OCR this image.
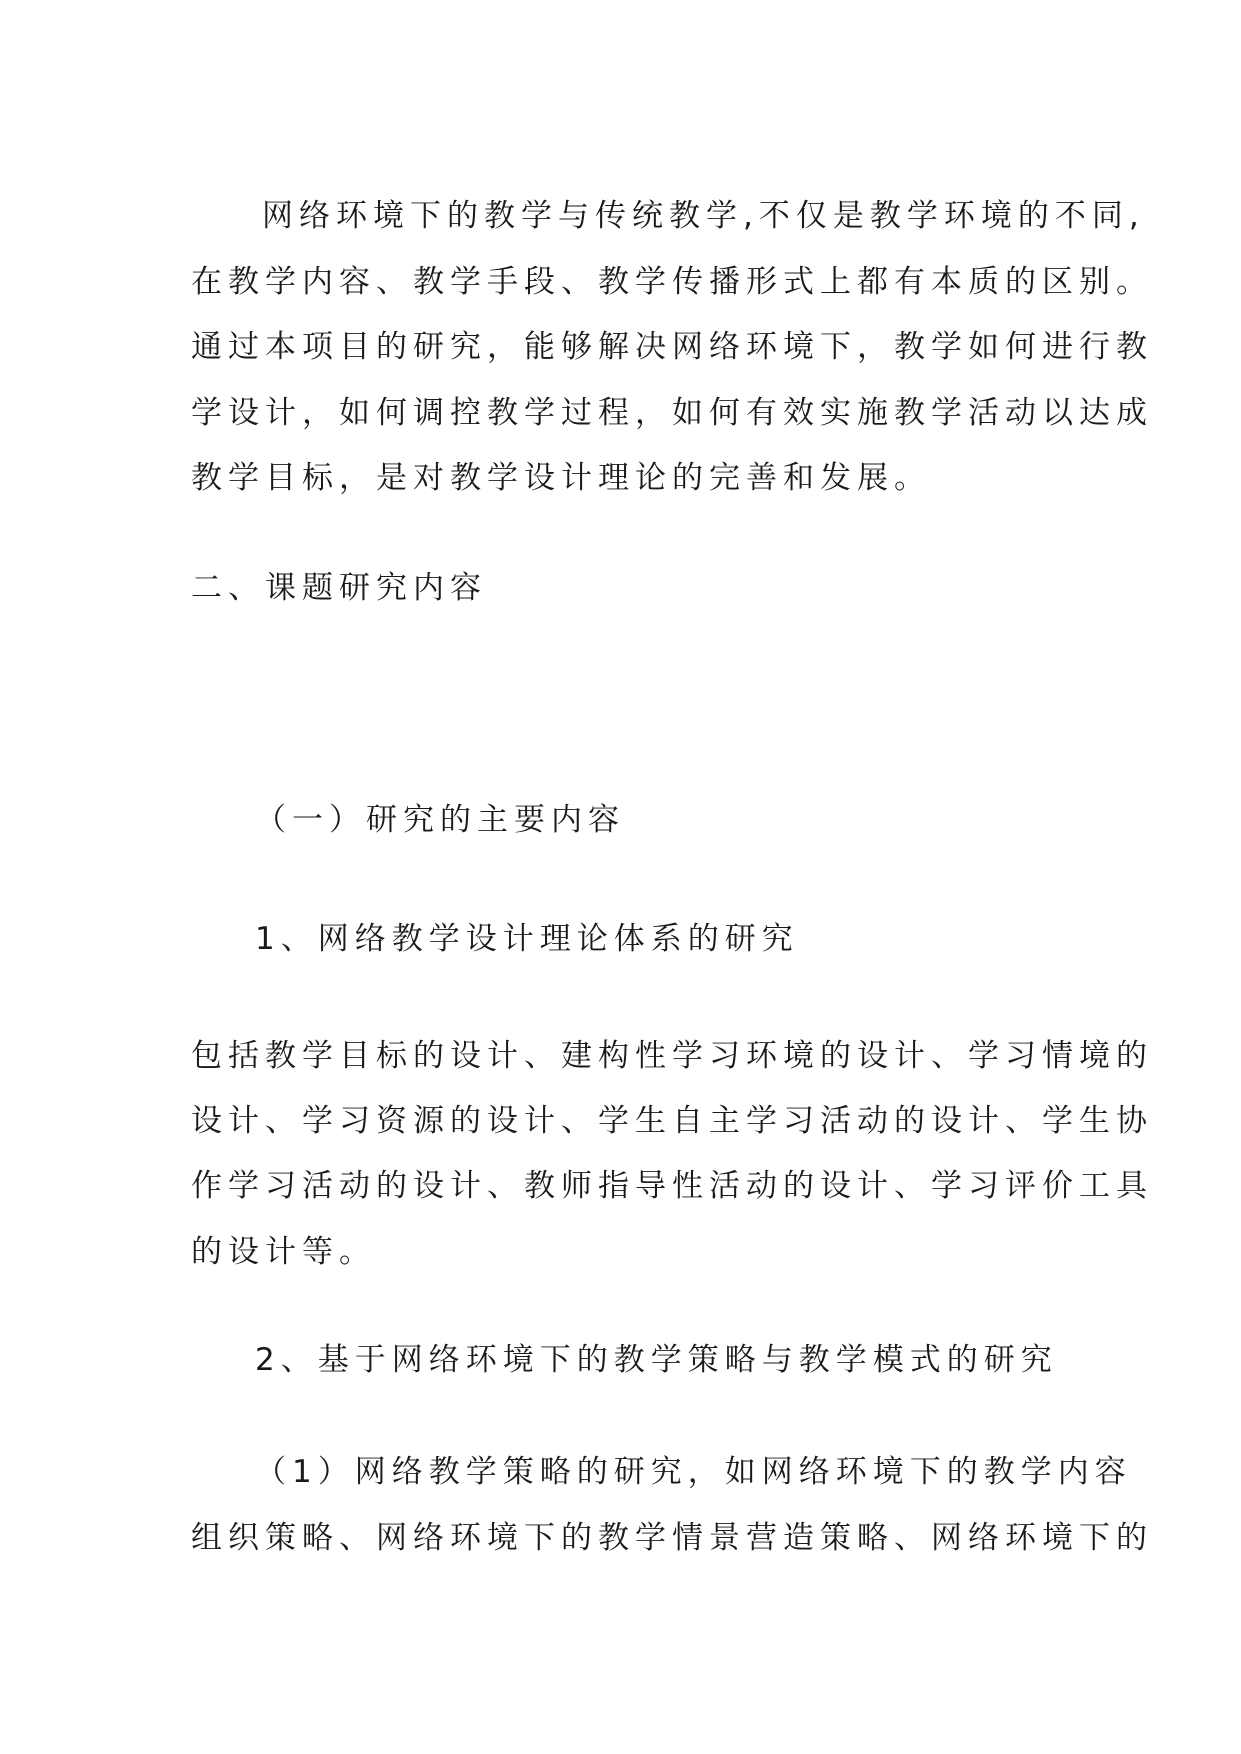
网络环境下的教学与传统教学,不仅是教学环境的不同,

在教学内容、教学手段、教学传播形式上都有本质的区别。

通过本项目的研究，能够解决网络环境下，教学如何进行教

学设计，如何调控教学过程，如何有效实施教学活动以达成

教学目标，是对教学设计理论的完善和发展。

二、课题研究内容

（一）研究的主要内容

1、网络教学设计理论体系的研究

包括教学目标的设计、建构性学习环境的设计、学习情境的

设计、学习资源的设计、学生自主学习活动的设计、学生协

作学习活动的设计、教师指导性活动的设计、学习评价工具

的设计等。

2、基于网络环境下的教学策略与教学模式的研究

（1）网络教学策略的研究，如网络环境下的教学内容

组织策略、网络环境下的教学情景营造策略、网络环境下的
